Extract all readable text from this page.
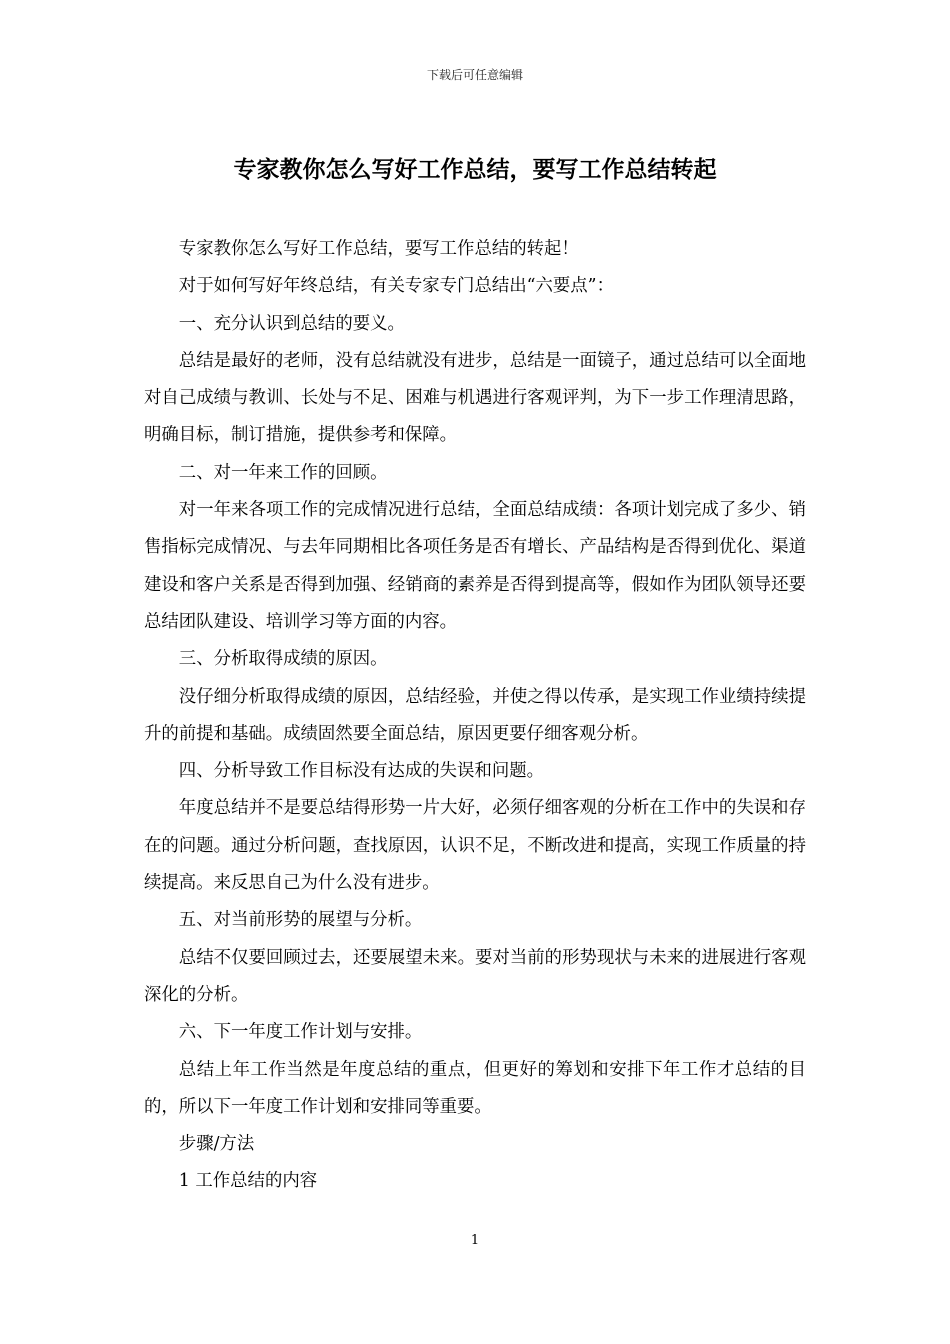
下载后可任意编辑
专家教你怎么写好工作总结，要写工作总结转起

专家教你怎么写好工作总结，要写工作总结的转起！

对于如何写好年终总结，有关专家专门总结出“六要点”：

一、充分认识到总结的要义。

总结是最好的老师，没有总结就没有进步，总结是一面镜子，通过总结可以全面地对自己成绩与教训、长处与不足、困难与机遇进行客观评判，为下一步工作理清思路，明确目标，制订措施，提供参考和保障。

二、对一年来工作的回顾。

对一年来各项工作的完成情况进行总结，全面总结成绩：各项计划完成了多少、销售指标完成情况、与去年同期相比各项任务是否有增长、产品结构是否得到优化、渠道建设和客户关系是否得到加强、经销商的素养是否得到提高等，假如作为团队领导还要总结团队建设、培训学习等方面的内容。

三、分析取得成绩的原因。

没仔细分析取得成绩的原因，总结经验，并使之得以传承，是实现工作业绩持续提升的前提和基础。成绩固然要全面总结，原因更要仔细客观分析。

四、分析导致工作目标没有达成的失误和问题。

年度总结并不是要总结得形势一片大好，必须仔细客观的分析在工作中的失误和存在的问题。通过分析问题，查找原因，认识不足，不断改进和提高，实现工作质量的持续提高。来反思自己为什么没有进步。

五、对当前形势的展望与分析。

总结不仅要回顾过去，还要展望未来。要对当前的形势现状与未来的进展进行客观深化的分析。

六、下一年度工作计划与安排。

总结上年工作当然是年度总结的重点，但更好的筹划和安排下年工作才总结的目的，所以下一年度工作计划和安排同等重要。

步骤/方法

1 工作总结的内容

1
